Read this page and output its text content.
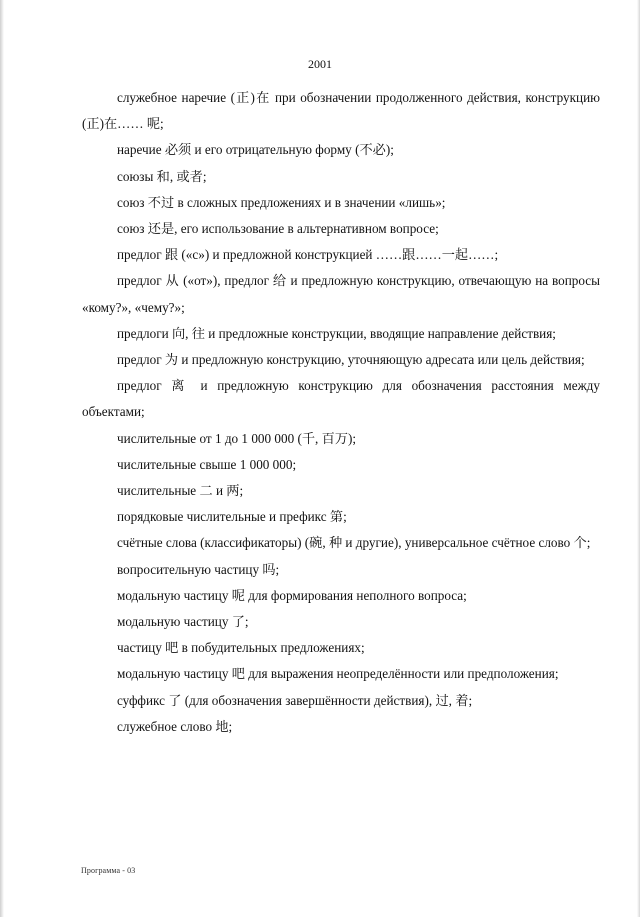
2001

служебное наречие (正)在 при обозначении продолженного действия, конструкцию (正)在…… 呢;

наречие 必须 и его отрицательную форму (不必);

союзы 和, 或者;

союз 不过 в сложных предложениях и в значении «лишь»;

союз 还是, его использование в альтернативном вопросе;

предлог 跟 («с») и предложной конструкцией ……跟……一起……;

предлог 从 («от»), предлог 给 и предложную конструкцию, отвечающую на вопросы «кому?», «чему?»;

предлоги 向, 往 и предложные конструкции, вводящие направление действия;

предлог 为 и предложную конструкцию, уточняющую адресата или цель действия;

предлог 离 и предложную конструкцию для обозначения расстояния между объектами;

числительные от 1 до 1 000 000 (千, 百万);

числительные свыше 1 000 000;

числительные 二 и 两;

порядковые числительные и префикс 第;

счётные слова (классификаторы) (碗, 种 и другие), универсальное счётное слово 个;

вопросительную частицу 吗;

модальную частицу 呢 для формирования неполного вопроса;

модальную частицу 了;

частицу 吧 в побудительных предложениях;

модальную частицу 吧 для выражения неопределённости или предположения;

суффикс 了 (для обозначения завершённости действия), 过, 着;

служебное слово 地;

Программа - 03
